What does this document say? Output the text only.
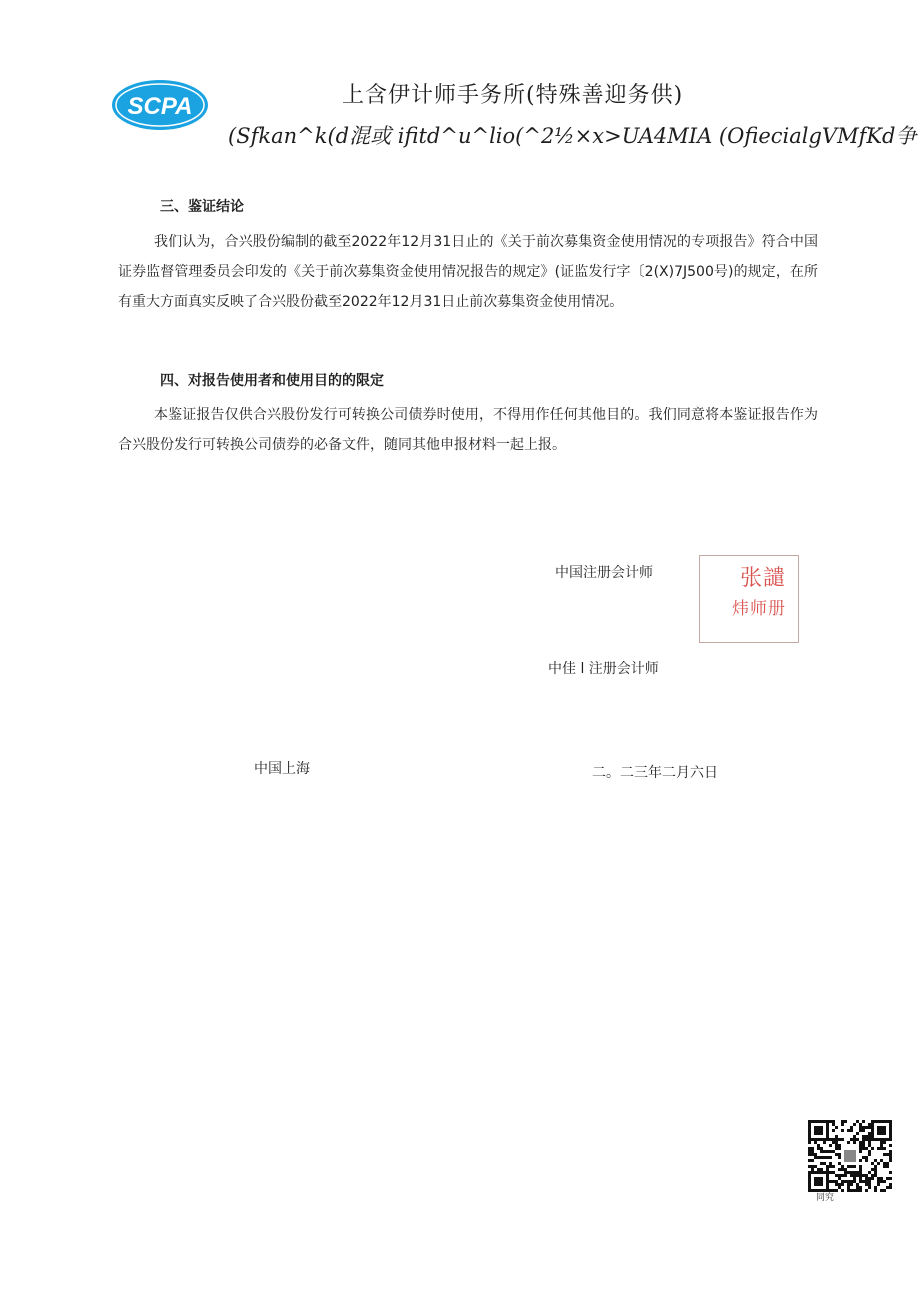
SCPA	上含伊计师手务所(特殊善迎务供)
(Sfkan^k(d混或 ifitd^u^lio(^2½×x>UA4MIA (OfiecialgVMfKd争
三、鉴证结论

我们认为，合兴股份编制的截至2022年12月31日止的《关于前次募集资金使用情况的专项报告》符合中国证券监督管理委员会印发的《关于前次募集资金使用情况报告的规定》(证监发行字〔2(X)7J500号)的规定，在所有重大方面真实反映了合兴股份截至2022年12月31日止前次募集资金使用情况。

四、对报告使用者和使用目的的限定

本鉴证报告仅供合兴股份发行可转换公司债券时使用，不得用作任何其他目的。我们同意将本鉴证报告作为合兴股份发行可转换公司债券的必备文件，随同其他申报材料一起上报。

中国注册会计师	张譴
炜师册
中佳 l 注册会计师
中国上海	二。二三年二月六日
同究
